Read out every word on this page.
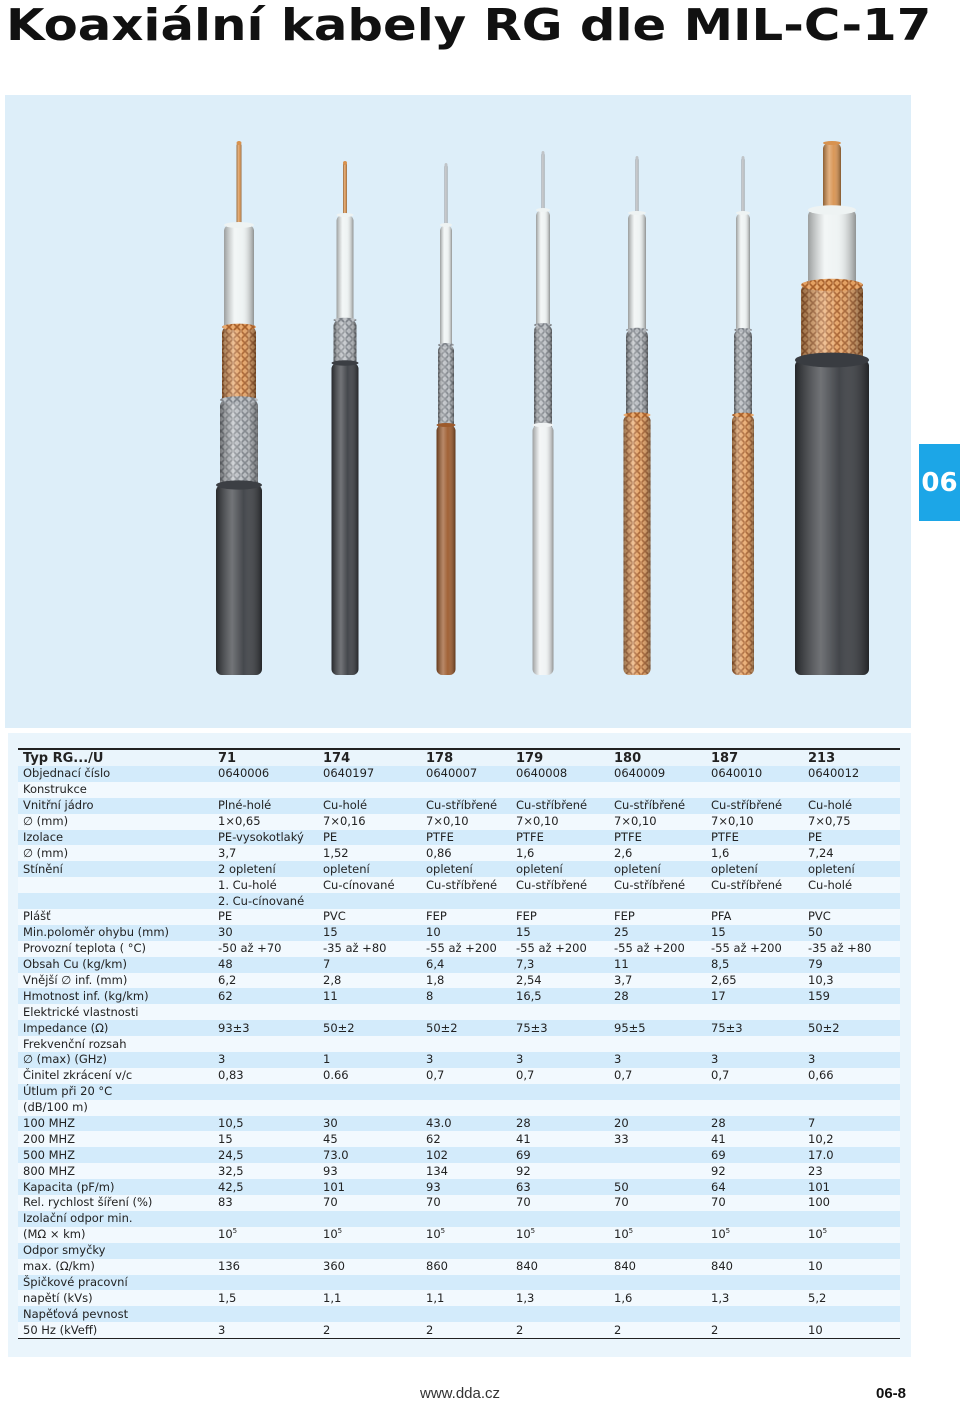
Koaxiální kabely RG dle MIL-C-17
06
Typ RG.../U	71	174	178	179	180	187	213
Objednací číslo	0640006	0640197	0640007	0640008	0640009	0640010	0640012
Konstrukce							
Vnitřní jádro	Plné-holé	Cu-holé	Cu-stříbřené	Cu-stříbřené	Cu-stříbřené	Cu-stříbřené	Cu-holé
∅ (mm)	1×0,65	7×0,16	7×0,10	7×0,10	7×0,10	7×0,10	7×0,75
Izolace	PE-vysokotlaký	PE	PTFE	PTFE	PTFE	PTFE	PE
∅ (mm)	3,7	1,52	0,86	1,6	2,6	1,6	7,24
Stínění	2 opletení	opletení	opletení	opletení	opletení	opletení	opletení
	1. Cu-holé	Cu-cínované	Cu-stříbřené	Cu-stříbřené	Cu-stříbřené	Cu-stříbřené	Cu-holé
	2. Cu-cínované						
Plášť	PE	PVC	FEP	FEP	FEP	PFA	PVC
Min.poloměr ohybu (mm)	30	15	10	15	25	15	50
Provozní teplota ( °C)	-50 až +70	-35 až +80	-55 až +200	-55 až +200	-55 až +200	-55 až +200	-35 až +80
Obsah Cu (kg/km)	48	7	6,4	7,3	11	8,5	79
Vnější ∅ inf. (mm)	6,2	2,8	1,8	2,54	3,7	2,65	10,3
Hmotnost inf. (kg/km)	62	11	8	16,5	28	17	159
Elektrické vlastnosti							
Impedance (Ω)	93±3	50±2	50±2	75±3	95±5	75±3	50±2
Frekvenční rozsah							
∅ (max) (GHz)	3	1	3	3	3	3	3
Činitel zkrácení v/c	0,83	0.66	0,7	0,7	0,7	0,7	0,66
Útlum při 20 °C							
(dB/100 m)							
100 MHZ	10,5	30	43.0	28	20	28	7
200 MHZ	15	45	62	41	33	41	10,2
500 MHZ	24,5	73.0	102	69		69	17.0
800 MHZ	32,5	93	134	92		92	23
Kapacita (pF/m)	42,5	101	93	63	50	64	101
Rel. rychlost šíření (%)	83	70	70	70	70	70	100
Izolační odpor min.							
(MΩ × km)	$10^5$	$10^5$	$10^5$	$10^5$	$10^5$	$10^5$	$10^5$
Odpor smyčky							
max. (Ω/km)	136	360	860	840	840	840	10
Špičkové pracovní							
napětí (kVs)	1,5	1,1	1,1	1,3	1,6	1,3	5,2
Napěťová pevnost							
50 Hz (kVeff)	3	2	2	2	2	2	10
www.dda.cz	06-8
